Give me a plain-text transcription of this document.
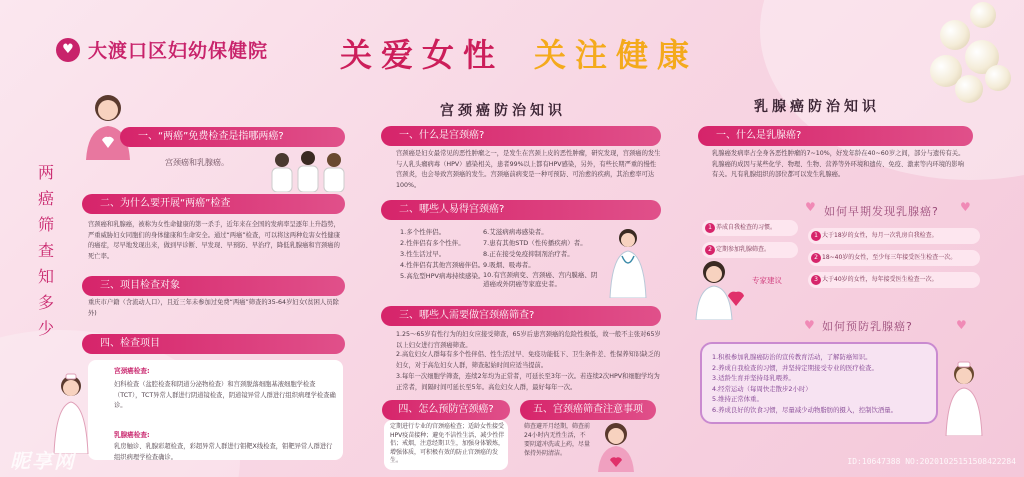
♥ 大渡口区妇幼保健院 关爱女性 关注健康
两
癌
筛
查
知
多
少
一、“两癌”免费检查是指哪两癌?
宫颈癌和乳腺癌。
二、为什么要开展“两癌”检查
宫颈癌和乳腺癌，被称为女性命健康的第一杀手，近年来在全国的发病率呈逐年上升趋势，严重威胁妇女同胞们的身体健康和生命安全。通过“两癌”检查，可以将这两种危害女性健康的癌症，尽早地发现出来，做到早诊断、早发现、早预防、早治疗，降低乳腺癌和宫颈癌的死亡率。
三、项目检查对象
重庆市户籍（含流动人口），且近三年未参加过免费“两癌”筛查的35-64岁妇女(贫困人员除外)
四、检查项目
宫颈癌检查:
妇科检查（盆腔检查和阴道分泌物检查）和宫颈脱落细胞基液细胞学检查（TCT），TCT异常人群进行阴道镜检查，阴道镜异常人群进行组织病理学检查确诊。
乳腺癌检查:
乳房触诊、乳腺彩超检查，彩超异常人群进行钼靶X线检查，钼靶异常人群进行组织病理学检查确诊。
宫颈癌防治知识
一、什么是宫颈癌?
宫颈癌是妇女最常见的恶性肿瘤之一，是发生在宫颈上皮的恶性肿瘤，研究发现，宫颈癌的发生与人乳头瘤病毒（HPV）感染相关，患者99%以上都有HPV感染，另外，有些长期严重的慢性宫颈炎，也会导致宫颈癌的发生。宫颈癌前病变是一种可预防、可治愈的疾病，其治愈率可达100%。
二、哪些人易得宫颈癌?
1.多个性伴侣。
2.性伴侣有多个性伴。
3.性生活过早。
4.性伴侣有其他宫颈癌伴侣。
5.高危型HPV病毒持续感染。
6.艾滋病病毒感染者。
7.患有其他STD（性传播疾病）者。
8.正在接受免疫抑制剂治疗者。
9.吸烟、吸毒者。
10.有宫颈病变、宫颈癌、宫内膜癌、阴道癌或外阴癌等家庭史者。
三、哪些人需要做宫颈癌筛查?
1.25～65岁有性行为的妇女应接受筛查，65岁后患宫颈癌的危险性极低，故一般不主张对65岁以上妇女进行宫颈癌筛查。
2.高危妇女人群每有多个性伴侣、性生活过早、免疫功能低下、卫生条件差、性保养知识缺乏的妇女，对于高危妇女人群，筛查起始时间应适当提前。
3.每年一次细胞学筛查，连续2年均为正常者，可延长至3年一次。若连续2次HPV和细胞学均为正常者，间隔时间可延长至5年。高危妇女人群，最好每年一次。
四、怎么预防宫颈癌?
定期进行专业的宫颈癌检查；适龄女性接受HPV疫苗接种；避免不洁性生活，减少性伴侣；戒烟，注意经期卫生，加强身体锻炼，增强体质，可积极有效的防止宫颈癌的发生。
五、宫颈癌筛查注意事项
筛查避开月经期，筛查前24小时内无性生活，不要阴道冲洗或上药，尽量保持外阴清洁。
乳腺癌防治知识
一、什么是乳腺癌?
乳腺癌发病率占全身各恶性肿瘤的7~10%，好发年龄在40~60岁之间，部分与遗传有关。乳腺癌的成因与某些化学、物理、生物、营养等外环境和遗传、免疫、激素等内环境的影响有关。凡有乳腺组织的部位都可以发生乳腺癌。
♥ 如何早期发现乳腺癌? ♥
1 养成自我检查的习惯。
2 定期参加乳腺筛查。
1 大于18岁的女性，每月一次乳房自我检查。
2 18~40岁的女性，至少每三年接受医生检查一次。
3 大于40岁的女性，每年接受医生检查一次。
专家建议
♥ 如何预防乳腺癌?	♥
1.积极参加乳腺癌防治的宣传教育活动，了解防癌知识。
2.养成自我检查的习惯，并坚持定期接受专业的医疗检查。
3.适龄生育并坚持母乳喂养。
4.经常运动（每周快走散步2小时）
5.维持正常体重。
6.养成良好的饮食习惯，尽量减少动物脂肪的摄入，控制饮酒量。
昵享网	ID:10647388 NO:20201025151508422284
